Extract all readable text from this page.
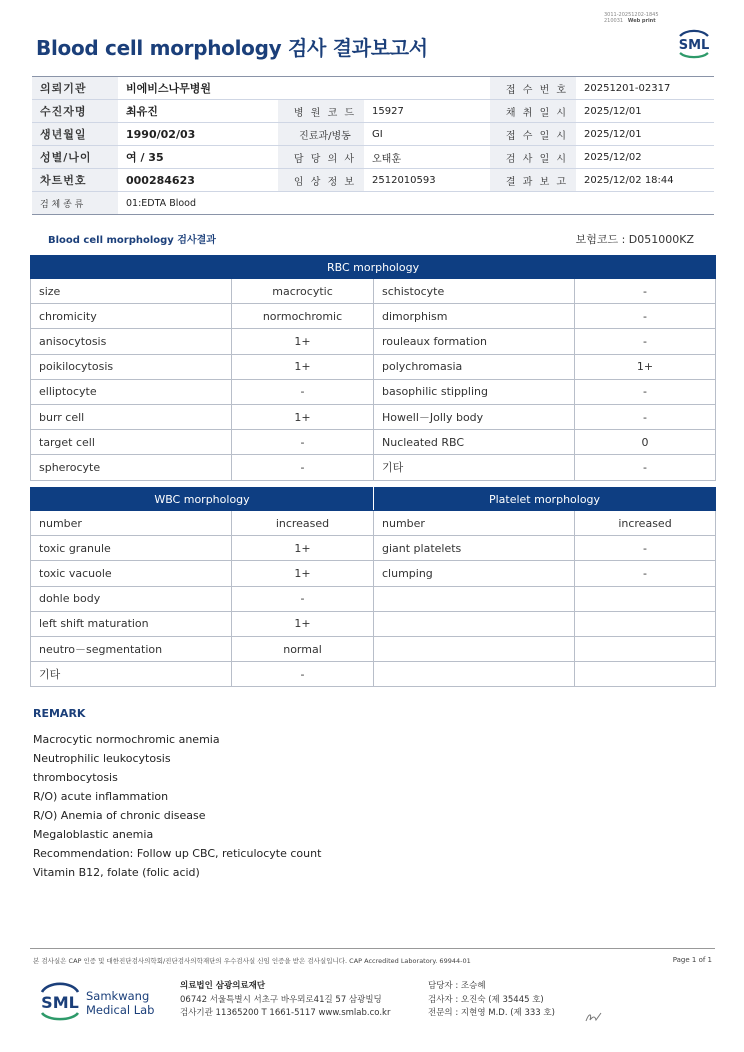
3011-20251202-1845
210031 Web print
Blood cell morphology 검사 결과보고서	SML
의뢰기관	비에비스나무병원			접 수 번 호	20251201-02317
수진자명	최유진	병 원 코 드	15927	채 취 일 시	2025/12/01
생년월일	1990/02/03	진료과/병동	GI	접 수 일 시	2025/12/01
성별/나이	여 / 35	담 당 의 사	오태훈	검 사 일 시	2025/12/02
차트번호	000284623	임 상 정 보	2512010593	결 과 보 고	2025/12/02 18:44
검 체 종 류	01:EDTA Blood				
Blood cell morphology 검사결과	보험코드 : D051000KZ
RBC morphology			
size	macrocytic	schistocyte	-
chromicity	normochromic	dimorphism	-
anisocytosis	1+	rouleaux formation	-
poikilocytosis	1+	polychromasia	1+
elliptocyte	-	basophilic stippling	-
burr cell	1+	Howell－Jolly body	-
target cell	-	Nucleated RBC	0
spherocyte	-	기타	-
WBC morphology		Platelet morphology	
number	increased	number	increased
toxic granule	1+	giant platelets	-
toxic vacuole	1+	clumping	-
dohle body	-		
left shift maturation	1+		
neutro－segmentation	normal		
기타	-		
REMARK
Macrocytic normochromic anemia
Neutrophilic leukocytosis
thrombocytosis
R/O) acute inflammation
R/O) Anemia of chronic disease
Megaloblastic anemia
Recommendation: Follow up CBC, reticulocyte count
Vitamin B12, folate (folic acid)
본 검사실은 CAP 인증 및 대한진단검사의학회/진단검사의학재단의 우수검사실 신임 인증을 받은 검사실입니다. CAP Accredited Laboratory. 69944-01	Page 1 of 1
SML Samkwang
Medical Lab
의료법인 삼광의료재단
06742 서울특별시 서초구 바우뫼로41길 57 삼광빌딩
검사기관 11365200 T 1661-5117 www.smlab.co.kr
담당자 : 조승혜
검사자 : 오진숙 (제 35445 호)
전문의 : 지현영 M.D. (제 333 호)
